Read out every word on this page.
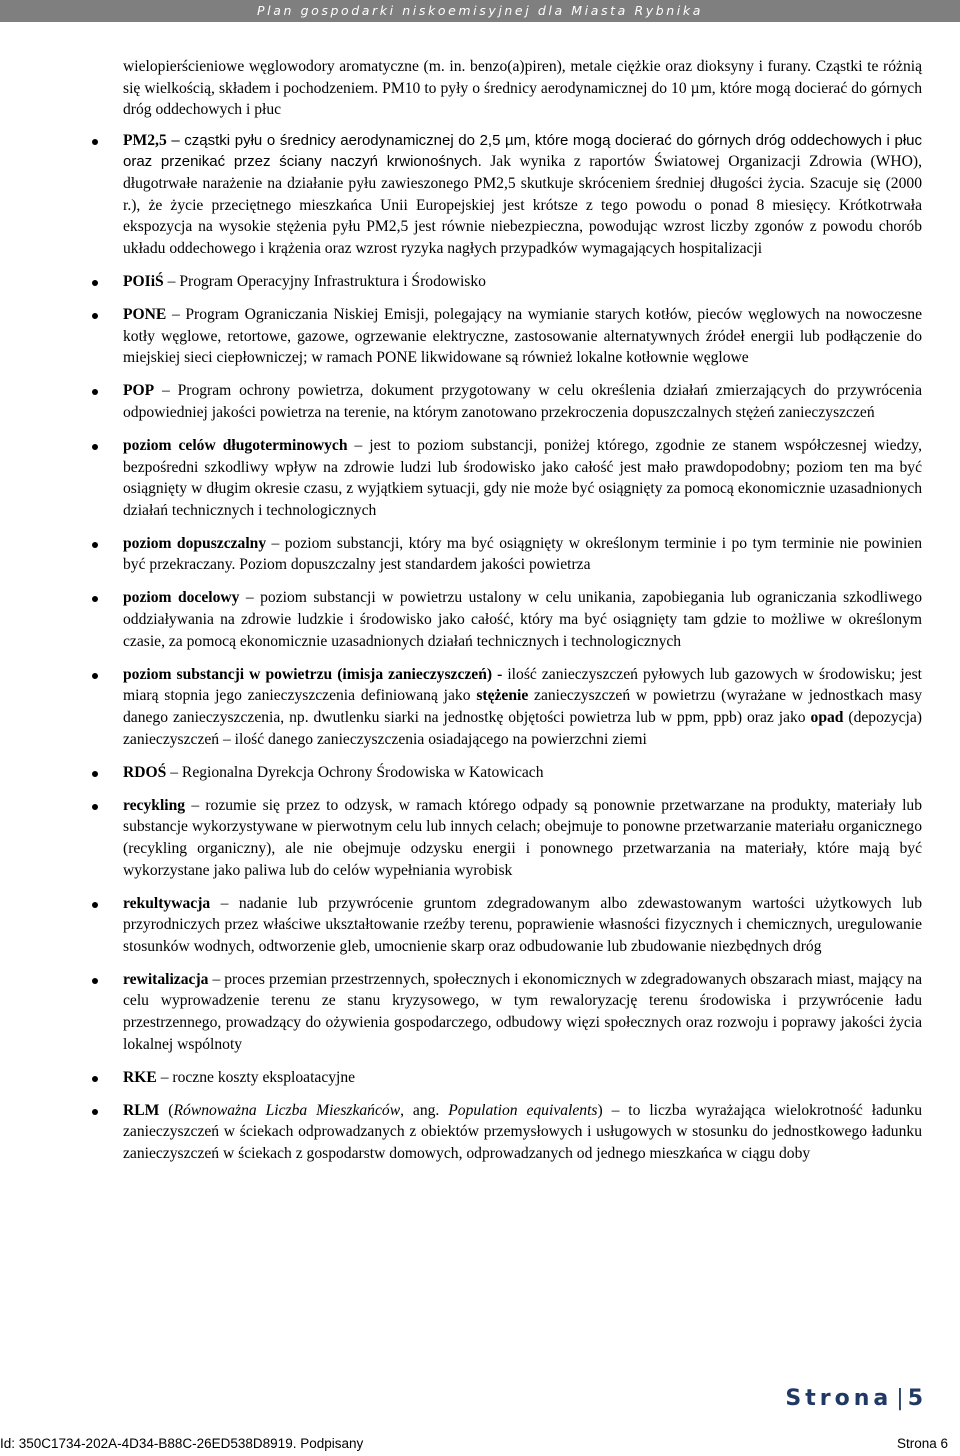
Plan gospodarki niskoemisyjnej dla Miasta Rybnika

wielopierścieniowe węglowodory aromatyczne (m. in. benzo(a)piren), metale ciężkie oraz dioksyny i furany. Cząstki te różnią się wielkością, składem i pochodzeniem. PM10 to pyły o średnicy aerodynamicznej do 10 µm, które mogą docierać do górnych dróg oddechowych i płuc

PM2,5 – cząstki pyłu o średnicy aerodynamicznej do 2,5 µm, które mogą docierać do górnych dróg oddechowych i płuc oraz przenikać przez ściany naczyń krwionośnych. Jak wynika z raportów Światowej Organizacji Zdrowia (WHO), długotrwałe narażenie na działanie pyłu zawieszonego PM2,5 skutkuje skróceniem średniej długości życia. Szacuje się (2000 r.), że życie przeciętnego mieszkańca Unii Europejskiej jest krótsze z tego powodu o ponad 8 miesięcy. Krótkotrwała ekspozycja na wysokie stężenia pyłu PM2,5 jest równie niebezpieczna, powodując wzrost liczby zgonów z powodu chorób układu oddechowego i krążenia oraz wzrost ryzyka nagłych przypadków wymagających hospitalizacji

POIiŚ – Program Operacyjny Infrastruktura i Środowisko

PONE – Program Ograniczania Niskiej Emisji, polegający na wymianie starych kotłów, pieców węglowych na nowoczesne kotły węglowe, retortowe, gazowe, ogrzewanie elektryczne, zastosowanie alternatywnych źródeł energii lub podłączenie do miejskiej sieci ciepłowniczej; w ramach PONE likwidowane są również lokalne kotłownie węglowe

POP – Program ochrony powietrza, dokument przygotowany w celu określenia działań zmierzających do przywrócenia odpowiedniej jakości powietrza na terenie, na którym zanotowano przekroczenia dopuszczalnych stężeń zanieczyszczeń

poziom celów długoterminowych – jest to poziom substancji, poniżej którego, zgodnie ze stanem współczesnej wiedzy, bezpośredni szkodliwy wpływ na zdrowie ludzi lub środowisko jako całość jest mało prawdopodobny; poziom ten ma być osiągnięty w długim okresie czasu, z wyjątkiem sytuacji, gdy nie może być osiągnięty za pomocą ekonomicznie uzasadnionych działań technicznych i technologicznych

poziom dopuszczalny – poziom substancji, który ma być osiągnięty w określonym terminie i po tym terminie nie powinien być przekraczany. Poziom dopuszczalny jest standardem jakości powietrza

poziom docelowy – poziom substancji w powietrzu ustalony w celu unikania, zapobiegania lub ograniczania szkodliwego oddziaływania na zdrowie ludzkie i środowisko jako całość, który ma być osiągnięty tam gdzie to możliwe w określonym czasie, za pomocą ekonomicznie uzasadnionych działań technicznych i technologicznych

poziom substancji w powietrzu (imisja zanieczyszczeń) - ilość zanieczyszczeń pyłowych lub gazowych w środowisku; jest miarą stopnia jego zanieczyszczenia definiowaną jako stężenie zanieczyszczeń w powietrzu (wyrażane w jednostkach masy danego zanieczyszczenia, np. dwutlenku siarki na jednostkę objętości powietrza lub w ppm, ppb) oraz jako opad (depozycja) zanieczyszczeń – ilość danego zanieczyszczenia osiadającego na powierzchni ziemi

RDOŚ – Regionalna Dyrekcja Ochrony Środowiska w Katowicach

recykling – rozumie się przez to odzysk, w ramach którego odpady są ponownie przetwarzane na produkty, materiały lub substancje wykorzystywane w pierwotnym celu lub innych celach; obejmuje to ponowne przetwarzanie materiału organicznego (recykling organiczny), ale nie obejmuje odzysku energii i ponownego przetwarzania na materiały, które mają być wykorzystane jako paliwa lub do celów wypełniania wyrobisk

rekultywacja – nadanie lub przywrócenie gruntom zdegradowanym albo zdewastowanym wartości użytkowych lub przyrodniczych przez właściwe ukształtowanie rzeźby terenu, poprawienie własności fizycznych i chemicznych, uregulowanie stosunków wodnych, odtworzenie gleb, umocnienie skarp oraz odbudowanie lub zbudowanie niezbędnych dróg

rewitalizacja – proces przemian przestrzennych, społecznych i ekonomicznych w zdegradowanych obszarach miast, mający na celu wyprowadzenie terenu ze stanu kryzysowego, w tym rewaloryzację terenu środowiska i przywrócenie ładu przestrzennego, prowadzący do ożywienia gospodarczego, odbudowy więzi społecznych oraz rozwoju i poprawy jakości życia lokalnej wspólnoty

RKE – roczne koszty eksploatacyjne

RLM (Równoważna Liczba Mieszkańców, ang. Population equivalents) – to liczba wyrażająca wielokrotność ładunku zanieczyszczeń w ściekach odprowadzanych z obiektów przemysłowych i usługowych w stosunku do jednostkowego ładunku zanieczyszczeń w ściekach z gospodarstw domowych, odprowadzanych od jednego mieszkańca w ciągu doby

Strona | 5
Id: 350C1734-202A-4D34-B88C-26ED538D8919. Podpisany	Strona 6
